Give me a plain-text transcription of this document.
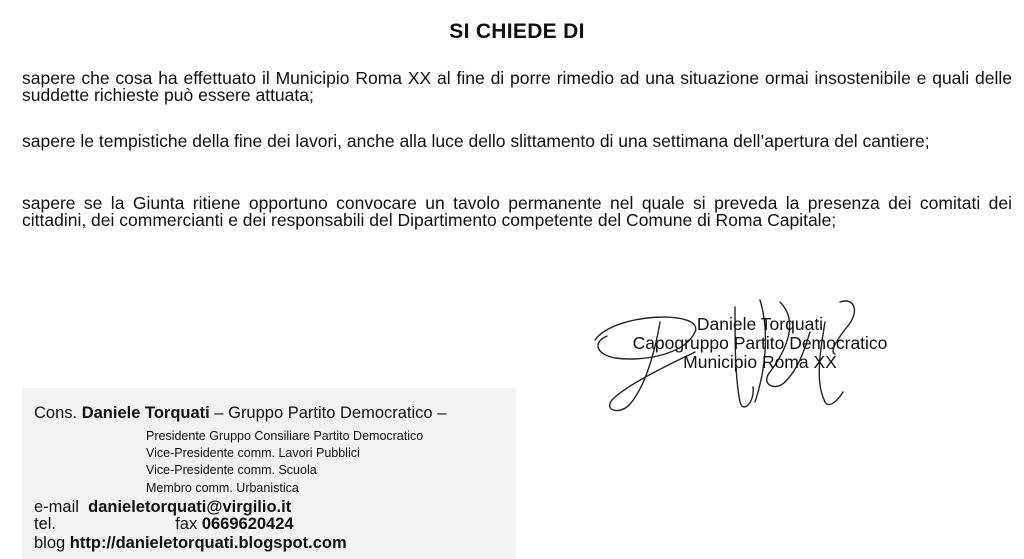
SI CHIEDE DI
sapere che cosa ha effettuato il Municipio Roma XX al fine di porre rimedio ad una situazione ormai insostenibile e quali delle suddette richieste può essere attuata;
sapere le tempistiche della fine dei lavori, anche alla luce dello slittamento di una settimana dell’apertura del cantiere;
sapere se la Giunta ritiene opportuno convocare un tavolo permanente nel quale si preveda la presenza dei comitati dei cittadini, dei commercianti e dei responsabili del Dipartimento competente del Comune di Roma Capitale;
Daniele Torquati
Capogruppo Partito Democratico
Municipio Roma XX
Cons. Daniele Torquati – Gruppo Partito Democratico –
Presidente Gruppo Consiliare Partito Democratico
Vice-Presidente comm. Lavori Pubblici
Vice-Presidente comm. Scuola
Membro comm. Urbanistica
e-mail danieletorquati@virgilio.it
tel.	fax 0669620424
blog http://danieletorquati.blogspot.com
